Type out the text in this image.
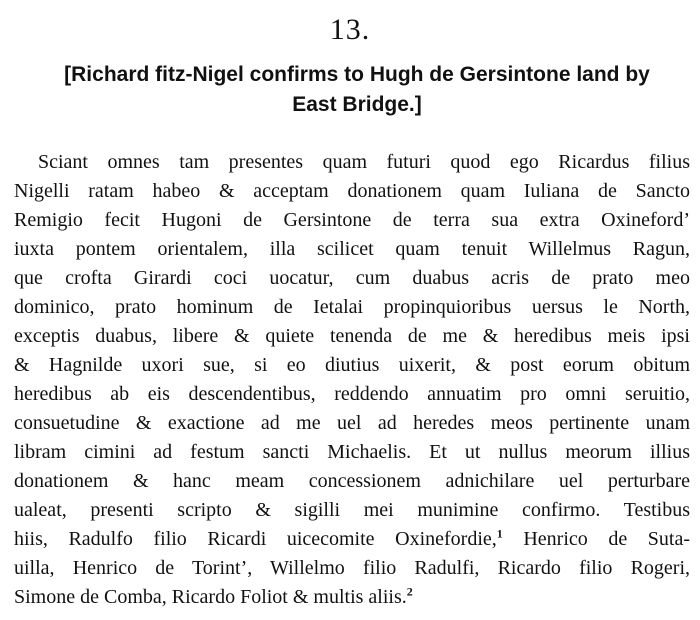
13.
[Richard fitz-Nigel confirms to Hugh de Gersintone land by
East Bridge.]
Sciant omnes tam presentes quam futuri quod ego Ricardus filius
Nigelli ratam habeo & acceptam donationem quam Iuliana de Sancto
Remigio fecit Hugoni de Gersintone de terra sua extra Oxineford’
iuxta pontem orientalem, illa scilicet quam tenuit Willelmus Ragun,
que crofta Girardi coci uocatur, cum duabus acris de prato meo
dominico, prato hominum de Ietalai propinquioribus uersus le North,
exceptis duabus, libere & quiete tenenda de me & heredibus meis ipsi
& Hagnilde uxori sue, si eo diutius uixerit, & post eorum obitum
heredibus ab eis descendentibus, reddendo annuatim pro omni seruitio,
consuetudine & exactione ad me uel ad heredes meos pertinente unam
libram cimini ad festum sancti Michaelis. Et ut nullus meorum illius
donationem & hanc meam concessionem adnichilare uel perturbare
ualeat, presenti scripto & sigilli mei munimine confirmo. Testibus
hiis, Radulfo filio Ricardi uicecomite Oxinefordie,$^1$ Henrico de Suta-
uilla, Henrico de Torint’, Willelmo filio Radulfi, Ricardo filio Rogeri,
Simone de Comba, Ricardo Foliot & multis aliis.$^2$
